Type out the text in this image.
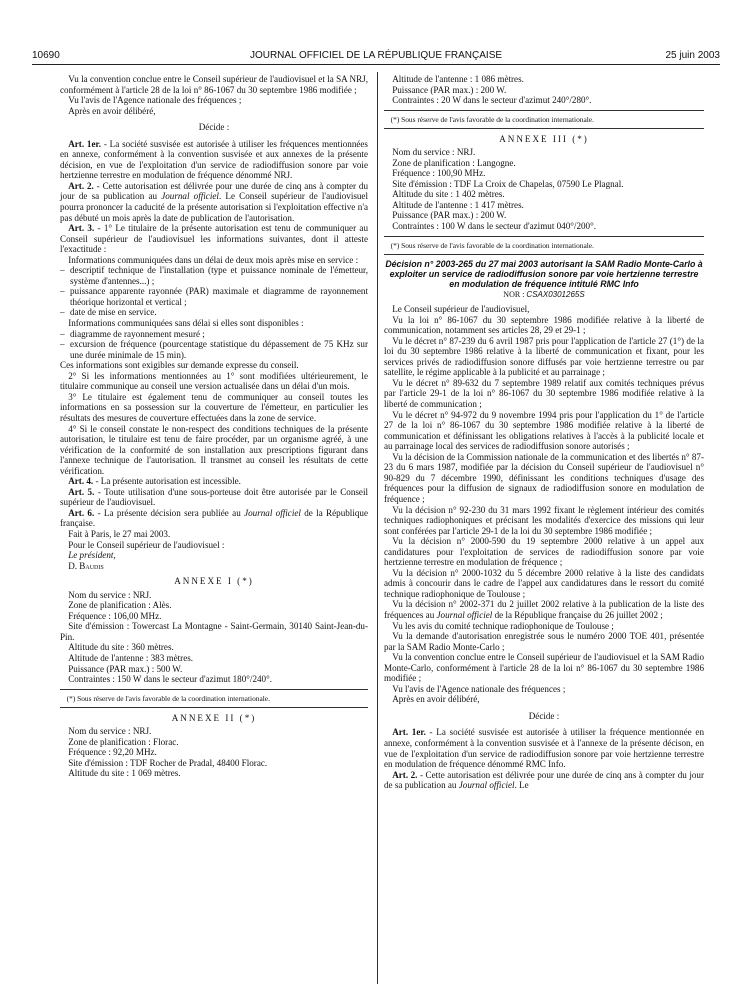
10690	JOURNAL OFFICIEL DE LA RÉPUBLIQUE FRANÇAISE	25 juin 2003

Vu la convention conclue entre le Conseil supérieur de l'audiovisuel et la SA NRJ, conformément à l'article 28 de la loi n° 86-1067 du 30 septembre 1986 modifiée ;

Vu l'avis de l'Agence nationale des fréquences ;

Après en avoir délibéré,

Décide :

Art. 1er. - La société susvisée est autorisée à utiliser les fréquences mentionnées en annexe, conformément à la convention susvisée et aux annexes de la présente décision, en vue de l'exploitation d'un service de radiodiffusion sonore par voie hertzienne terrestre en modulation de fréquence dénommé NRJ.

Art. 2. - Cette autorisation est délivrée pour une durée de cinq ans à compter du jour de sa publication au Journal officiel. Le Conseil supérieur de l'audiovisuel pourra prononcer la caducité de la présente autorisation si l'exploitation effective n'a pas débuté un mois après la date de publication de l'autorisation.

Art. 3. - 1° Le titulaire de la présente autorisation est tenu de communiquer au Conseil supérieur de l'audiovisuel les informations suivantes, dont il atteste l'exactitude :

Informations communiquées dans un délai de deux mois après mise en service :

– descriptif technique de l'installation (type et puissance nominale de l'émetteur, système d'antennes...) ;

– puissance apparente rayonnée (PAR) maximale et diagramme de rayonnement théorique horizontal et vertical ;

– date de mise en service.

Informations communiquées sans délai si elles sont disponibles :

– diagramme de rayonnement mesuré ;

– excursion de fréquence (pourcentage statistique du dépassement de 75 KHz sur une durée minimale de 15 min).

Ces informations sont exigibles sur demande expresse du conseil.

2° Si les informations mentionnées au 1° sont modifiées ultérieurement, le titulaire communique au conseil une version actualisée dans un délai d'un mois.

3° Le titulaire est également tenu de communiquer au conseil toutes les informations en sa possession sur la couverture de l'émetteur, en particulier les résultats des mesures de couverture effectuées dans la zone de service.

4° Si le conseil constate le non-respect des conditions techniques de la présente autorisation, le titulaire est tenu de faire procéder, par un organisme agréé, à une vérification de la conformité de son installation aux prescriptions figurant dans l'annexe technique de l'autorisation. Il transmet au conseil les résultats de cette vérification.

Art. 4. - La présente autorisation est incessible.

Art. 5. - Toute utilisation d'une sous-porteuse doit être autorisée par le Conseil supérieur de l'audiovisuel.

Art. 6. - La présente décision sera publiée au Journal officiel de la République française.

Fait à Paris, le 27 mai 2003.

Pour le Conseil supérieur de l'audiovisuel :

Le président,

D. Baudis

ANNEXE I (*)

Nom du service : NRJ.

Zone de planification : Alès.

Fréquence : 106,00 MHz.

Site d'émission : Towercast La Montagne - Saint-Germain, 30140 Saint-Jean-du-Pin.

Altitude du site : 360 mètres.

Altitude de l'antenne : 383 mètres.

Puissance (PAR max.) : 500 W.

Contraintes : 150 W dans le secteur d'azimut 180°/240°.

(*) Sous réserve de l'avis favorable de la coordination internationale.

ANNEXE II (*)

Nom du service : NRJ.

Zone de planification : Florac.

Fréquence : 92,20 MHz.

Site d'émission : TDF Rocher de Pradal, 48400 Florac.

Altitude du site : 1 069 mètres.

Altitude de l'antenne : 1 086 mètres.

Puissance (PAR max.) : 200 W.

Contraintes : 20 W dans le secteur d'azimut 240°/280°.

(*) Sous réserve de l'avis favorable de la coordination internationale.

ANNEXE III (*)

Nom du service : NRJ.

Zone de planification : Langogne.

Fréquence : 100,90 MHz.

Site d'émission : TDF La Croix de Chapelas, 07590 Le Plagnal.

Altitude du site : 1 402 mètres.

Altitude de l'antenne : 1 417 mètres.

Puissance (PAR max.) : 200 W.

Contraintes : 100 W dans le secteur d'azimut 040°/200°.

(*) Sous réserve de l'avis favorable de la coordination internationale.

Décision n° 2003-265 du 27 mai 2003 autorisant la SAM Radio Monte-Carlo à exploiter un service de radiodiffusion sonore par voie hertzienne terrestre en modulation de fréquence intitulé RMC Info
NOR : CSAX0301265S

Le Conseil supérieur de l'audiovisuel,

Vu la loi n° 86-1067 du 30 septembre 1986 modifiée relative à la liberté de communication, notamment ses articles 28, 29 et 29-1 ;

Vu le décret n° 87-239 du 6 avril 1987 pris pour l'application de l'article 27 (1°) de la loi du 30 septembre 1986 relative à la liberté de communication et fixant, pour les services privés de radiodiffusion sonore diffusés par voie hertzienne terrestre ou par satellite, le régime applicable à la publicité et au parrainage ;

Vu le décret n° 89-632 du 7 septembre 1989 relatif aux comités techniques prévus par l'article 29-1 de la loi n° 86-1067 du 30 septembre 1986 modifiée relative à la liberté de communication ;

Vu le décret n° 94-972 du 9 novembre 1994 pris pour l'application du 1° de l'article 27 de la loi n° 86-1067 du 30 septembre 1986 modifiée relative à la liberté de communication et définissant les obligations relatives à l'accès à la publicité locale et au parrainage local des services de radiodiffusion sonore autorisés ;

Vu la décision de la Commission nationale de la communication et des libertés n° 87-23 du 6 mars 1987, modifiée par la décision du Conseil supérieur de l'audiovisuel n° 90-829 du 7 décembre 1990, définissant les conditions techniques d'usage des fréquences pour la diffusion de signaux de radiodiffusion sonore en modulation de fréquence ;

Vu la décision n° 92-230 du 31 mars 1992 fixant le règlement intérieur des comités techniques radiophoniques et précisant les modalités d'exercice des missions qui leur sont conférées par l'article 29-1 de la loi du 30 septembre 1986 modifiée ;

Vu la décision n° 2000-590 du 19 septembre 2000 relative à un appel aux candidatures pour l'exploitation de services de radiodiffusion sonore par voie hertzienne terrestre en modulation de fréquence ;

Vu la décision n° 2000-1032 du 5 décembre 2000 relative à la liste des candidats admis à concourir dans le cadre de l'appel aux candidatures dans le ressort du comité technique radiophonique de Toulouse ;

Vu la décision n° 2002-371 du 2 juillet 2002 relative à la publication de la liste des fréquences au Journal officiel de la République française du 26 juillet 2002 ;

Vu les avis du comité technique radiophonique de Toulouse ;

Vu la demande d'autorisation enregistrée sous le numéro 2000 TOE 401, présentée par la SAM Radio Monte-Carlo ;

Vu la convention conclue entre le Conseil supérieur de l'audiovisuel et la SAM Radio Monte-Carlo, conformément à l'article 28 de la loi n° 86-1067 du 30 septembre 1986 modifiée ;

Vu l'avis de l'Agence nationale des fréquences ;

Après en avoir délibéré,

Décide :

Art. 1er. - La société susvisée est autorisée à utiliser la fréquence mentionnée en annexe, conformément à la convention susvisée et à l'annexe de la présente décison, en vue de l'exploitation d'un service de radiodiffusion sonore par voie hertzienne terrestre en modulation de fréquence dénommé RMC Info.

Art. 2. - Cette autorisation est délivrée pour une durée de cinq ans à compter du jour de sa publication au Journal officiel. Le
